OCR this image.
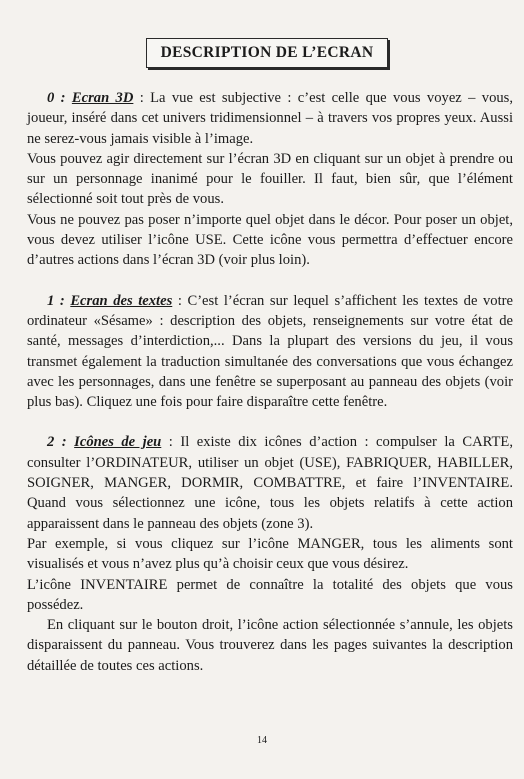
DESCRIPTION DE L’ECRAN

0 : Ecran 3D : La vue est subjective : c’est celle que vous voyez – vous, joueur, inséré dans cet univers tridimensionnel – à travers vos propres yeux. Aussi ne serez-vous jamais visible à l’image.

Vous pouvez agir directement sur l’écran 3D en cliquant sur un objet à prendre ou sur un personnage inanimé pour le fouiller. Il faut, bien sûr, que l’élément sélectionné soit tout près de vous.

Vous ne pouvez pas poser n’importe quel objet dans le décor. Pour poser un objet, vous devez utiliser l’icône USE. Cette icône vous permettra d’effectuer encore d’autres actions dans l’écran 3D (voir plus loin).

1 : Ecran des textes : C’est l’écran sur lequel s’affichent les textes de votre ordinateur «Sésame» : description des objets, renseignements sur votre état de santé, messages d’interdiction,... Dans la plupart des versions du jeu, il vous transmet également la traduction simultanée des conversations que vous échangez avec les personnages, dans une fenêtre se superposant au panneau des objets (voir plus bas). Cliquez une fois pour faire disparaître cette fenêtre.

2 : Icônes de jeu : Il existe dix icônes d’action : compulser la CARTE, consulter l’ORDINATEUR, utiliser un objet (USE), FABRIQUER, HABILLER, SOIGNER, MANGER, DORMIR, COMBATTRE, et faire l’INVENTAIRE. Quand vous sélectionnez une icône, tous les objets relatifs à cette action apparaissent dans le panneau des objets (zone 3).

Par exemple, si vous cliquez sur l’icône MANGER, tous les aliments sont visualisés et vous n’avez plus qu’à choisir ceux que vous désirez.

L’icône INVENTAIRE permet de connaître la totalité des objets que vous possédez.

En cliquant sur le bouton droit, l’icône action sélectionnée s’annule, les objets disparaissent du panneau. Vous trouverez dans les pages suivantes la description détaillée de toutes ces actions.

14
